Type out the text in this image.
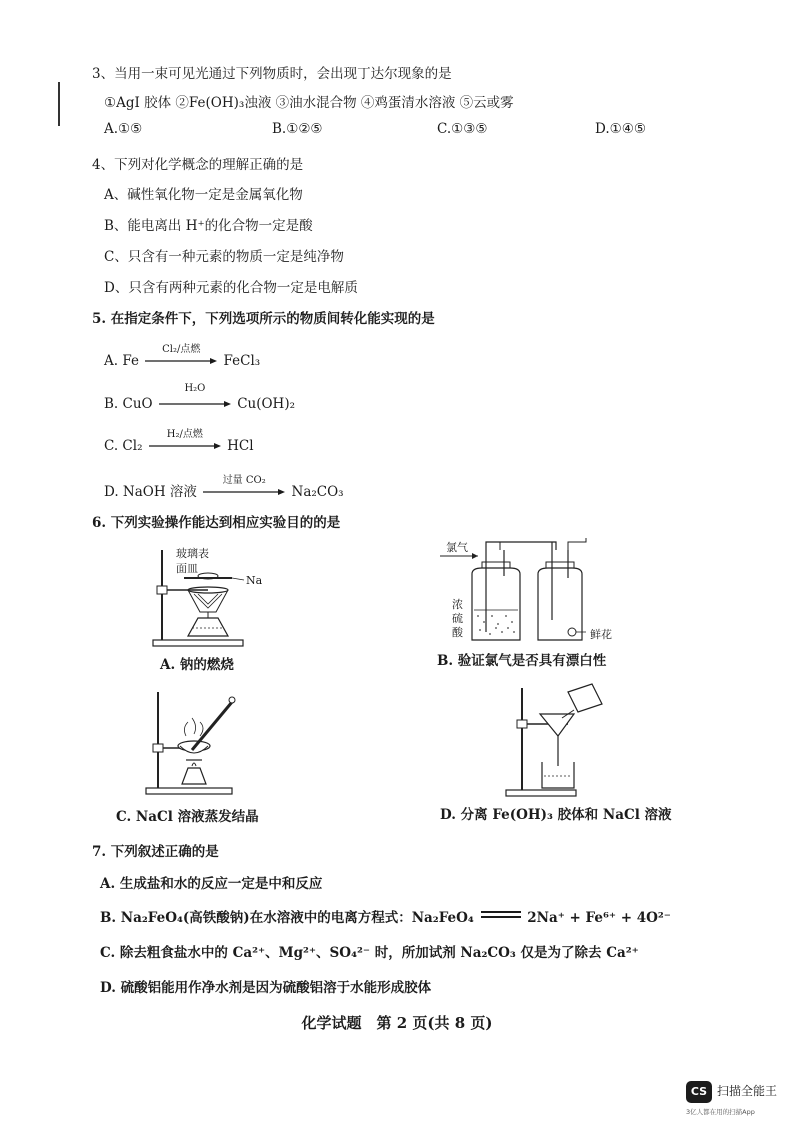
3、当用一束可见光通过下列物质时，会出现丁达尔现象的是
①AgI 胶体 ②Fe(OH)₃浊液 ③油水混合物 ④鸡蛋清水溶液 ⑤云或雾
A.①⑤	B.①②⑤	C.①③⑤	D.①④⑤
4、下列对化学概念的理解正确的是
A、碱性氧化物一定是金属氧化物
B、能电离出 H⁺的化合物一定是酸
C、只含有一种元素的物质一定是纯净物
D、只含有两种元素的化合物一定是电解质
5. 在指定条件下，下列选项所示的物质间转化能实现的是
A. Fe
Cl₂/点燃
FeCl₃
B. CuO
H₂O
Cu(OH)₂
C. Cl₂
H₂/点燃
HCl
D. NaOH 溶液
过量 CO₂
Na₂CO₃
6. 下列实验操作能达到相应实验目的的是
玻璃表
面皿
Na
A. 钠的燃烧
氯气
浓
硫
酸	鲜花
B. 验证氯气是否具有漂白性
C. NaCl 溶液蒸发结晶	D. 分离 Fe(OH)₃ 胶体和 NaCl 溶液
7. 下列叙述正确的是
A. 生成盐和水的反应一定是中和反应
B. Na₂FeO₄(高铁酸钠)在水溶液中的电离方程式：Na₂FeO₄	2Na⁺ + Fe⁶⁺ + 4O²⁻
C. 除去粗食盐水中的 Ca²⁺、Mg²⁺、SO₄²⁻ 时，所加试剂 Na₂CO₃ 仅是为了除去 Ca²⁺
D. 硫酸铝能用作净水剂是因为硫酸铝溶于水能形成胶体
化学试题　第 2 页(共 8 页)
CS 扫描全能王
3亿人都在用的扫描App
